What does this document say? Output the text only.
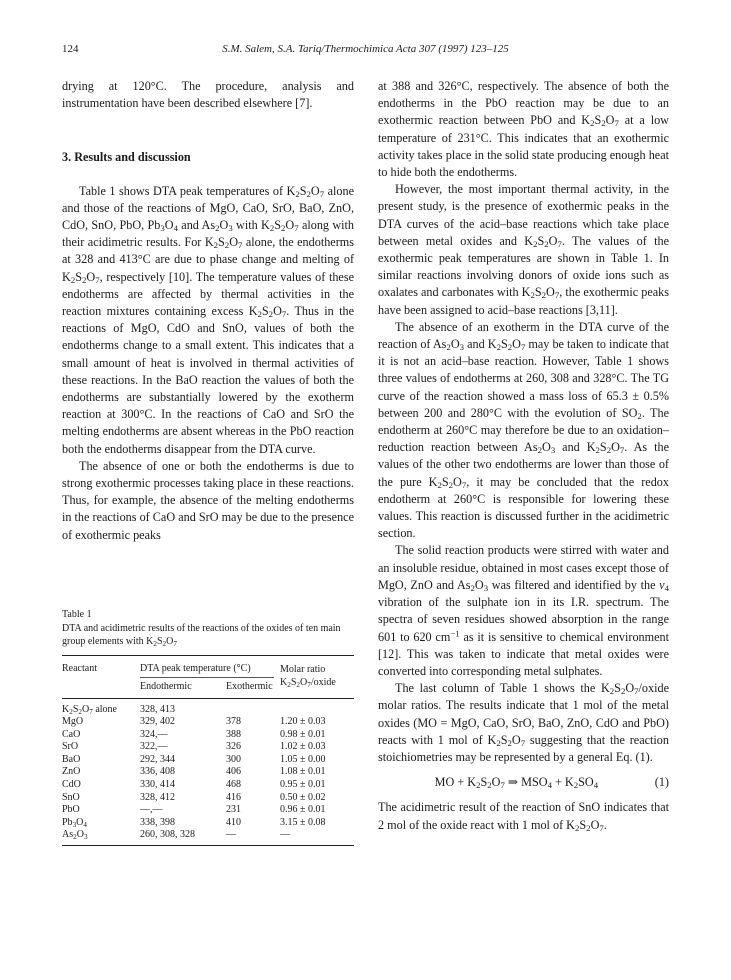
124	S.M. Salem, S.A. Tariq/Thermochimica Acta 307 (1997) 123–125

drying at 120°C. The procedure, analysis and instrumentation have been described elsewhere [7].

3. Results and discussion

Table 1 shows DTA peak temperatures of $K_2S_2O_7$ alone and those of the reactions of MgO, CaO, SrO, BaO, ZnO, CdO, SnO, PbO, $Pb_3O_4$ and $As_2O_3$ with $K_2S_2O_7$ along with their acidimetric results. For $K_2S_2O_7$ alone, the endotherms at 328 and 413°C are due to phase change and melting of $K_2S_2O_7$, respectively [10]. The temperature values of these endotherms are affected by thermal activities in the reaction mixtures containing excess $K_2S_2O_7$. Thus in the reactions of MgO, CdO and SnO, values of both the endotherms change to a small extent. This indicates that a small amount of heat is involved in thermal activities of these reactions. In the BaO reaction the values of both the endotherms are substantially lowered by the exotherm reaction at 300°C. In the reactions of CaO and SrO the melting endotherms are absent whereas in the PbO reaction both the endotherms disappear from the DTA curve.

The absence of one or both the endotherms is due to strong exothermic processes taking place in these reactions. Thus, for example, the absence of the melting endotherms in the reactions of CaO and SrO may be due to the presence of exothermic peaks

Table 1
DTA and acidimetric results of the reactions of the oxides of ten main group elements with $K_2S_2O_7$
Reactant	DTA peak temperature (°C)		Molar ratio
$K_2S_2O_7$/oxide
	Endothermic	Exothermic	
$K_2S_2O_7$ alone	328, 413		
MgO	329, 402	378	1.20 ± 0.03
CaO	324,—	388	0.98 ± 0.01
SrO	322,—	326	1.02 ± 0.03
BaO	292, 344	300	1.05 ± 0.00
ZnO	336, 408	406	1.08 ± 0.01
CdO	330, 414	468	0.95 ± 0.01
SnO	328, 412	416	0.50 ± 0.02
PbO	—,—	231	0.96 ± 0.01
$Pb_3O_4$	338, 398	410	3.15 ± 0.08
$As_2O_3$	260, 308, 328	—	—

at 388 and 326°C, respectively. The absence of both the endotherms in the PbO reaction may be due to an exothermic reaction between PbO and $K_2S_2O_7$ at a low temperature of 231°C. This indicates that an exothermic activity takes place in the solid state producing enough heat to hide both the endotherms.

However, the most important thermal activity, in the present study, is the presence of exothermic peaks in the DTA curves of the acid–base reactions which take place between metal oxides and $K_2S_2O_7$. The values of the exothermic peak temperatures are shown in Table 1. In similar reactions involving donors of oxide ions such as oxalates and carbonates with $K_2S_2O_7$, the exothermic peaks have been assigned to acid–base reactions [3,11].

The absence of an exotherm in the DTA curve of the reaction of $As_2O_3$ and $K_2S_2O_7$ may be taken to indicate that it is not an acid–base reaction. However, Table 1 shows three values of endotherms at 260, 308 and 328°C. The TG curve of the reaction showed a mass loss of 65.3 ± 0.5% between 200 and 280°C with the evolution of $SO_2$. The endotherm at 260°C may therefore be due to an oxidation–reduction reaction between $As_2O_3$ and $K_2S_2O_7$. As the values of the other two endotherms are lower than those of the pure $K_2S_2O_7$, it may be concluded that the redox endotherm at 260°C is responsible for lowering these values. This reaction is discussed further in the acidimetric section.

The solid reaction products were stirred with water and an insoluble residue, obtained in most cases except those of MgO, ZnO and $As_2O_3$ was filtered and identified by the $\nu_4$ vibration of the sulphate ion in its I.R. spectrum. The spectra of seven residues showed absorption in the range 601 to 620 $cm^{-1}$ as it is sensitive to chemical environment [12]. This was taken to indicate that metal oxides were converted into corresponding metal sulphates.

The last column of Table 1 shows the $K_2S_2O_7$/oxide molar ratios. The results indicate that 1 mol of the metal oxides (MO = MgO, CaO, SrO, BaO, ZnO, CdO and PbO) reacts with 1 mol of $K_2S_2O_7$ suggesting that the reaction stoichiometries may be represented by a general Eq. (1).

MO + $K_2S_2O_7$ ⇒ $MSO_4 + K_2SO_4$	(1)

The acidimetric result of the reaction of SnO indicates that 2 mol of the oxide react with 1 mol of $K_2S_2O_7$.
